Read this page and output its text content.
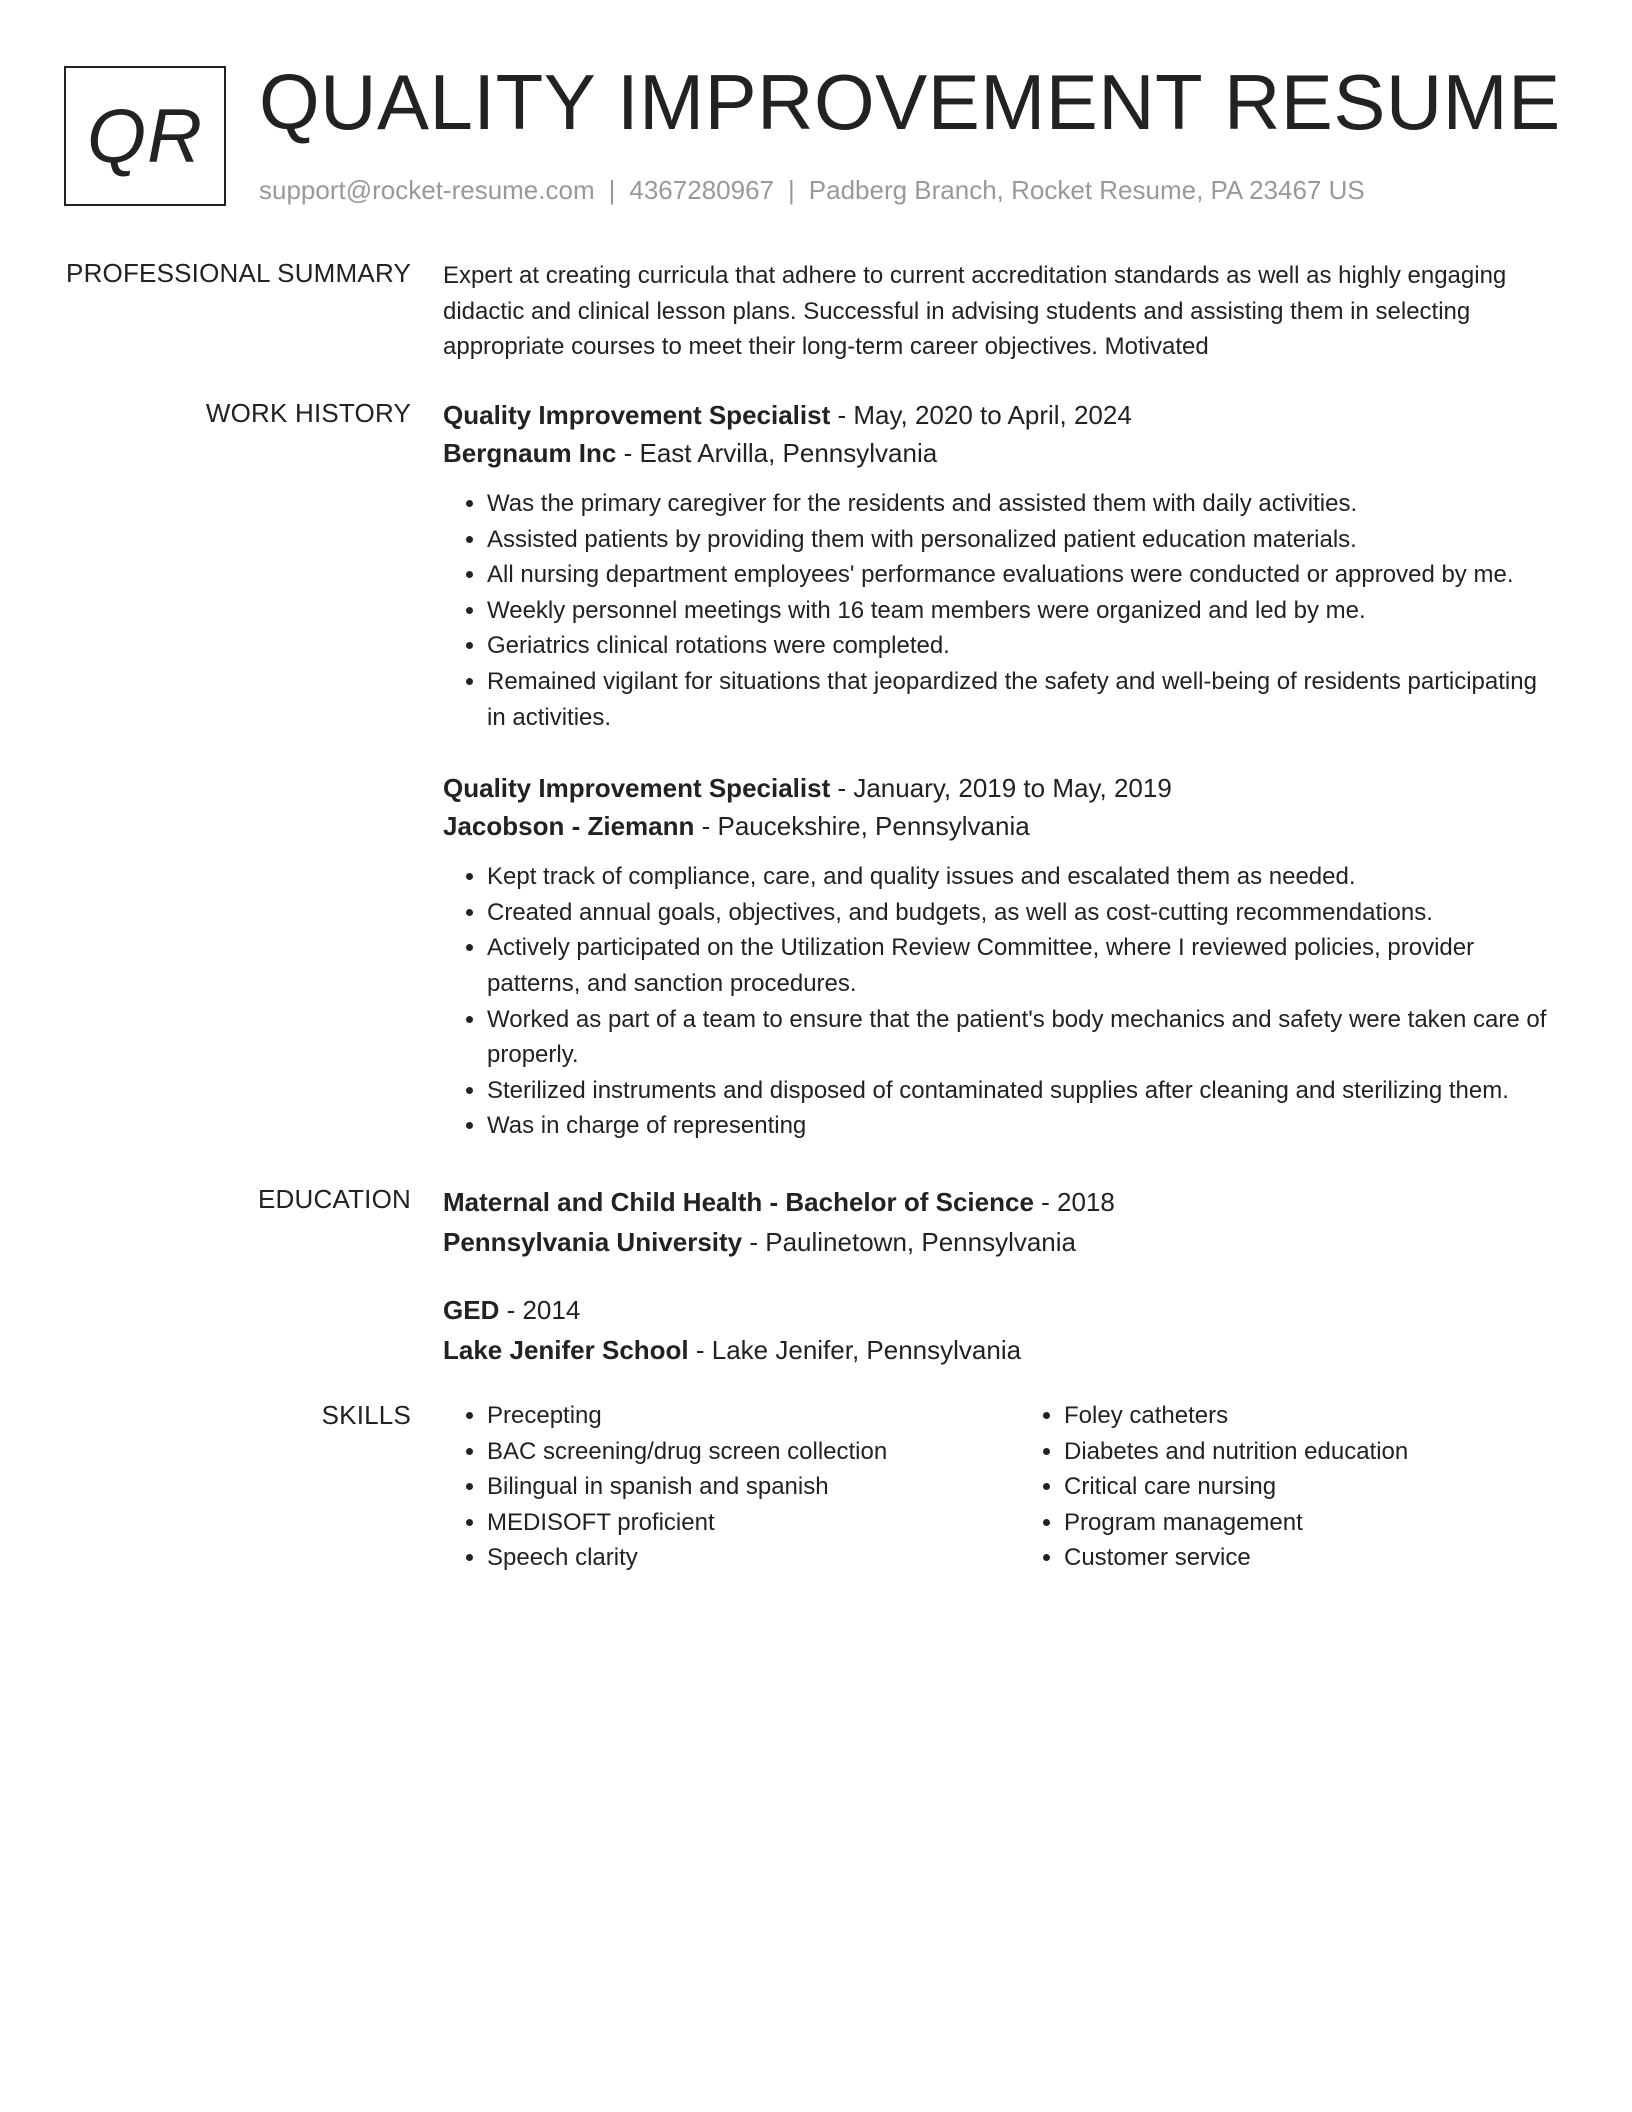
QR QUALITY IMPROVEMENT RESUME
support@rocket-resume.com | 4367280967 | Padberg Branch, Rocket Resume, PA 23467 US
PROFESSIONAL SUMMARY Expert at creating curricula that adhere to current accreditation standards as well as highly engaging didactic and clinical lesson plans. Successful in advising students and assisting them in selecting appropriate courses to meet their long-term career objectives. Motivated
WORK HISTORY Quality Improvement Specialist - May, 2020 to April, 2024
Bergnaum Inc - East Arvilla, Pennsylvania
• Was the primary caregiver for the residents and assisted them with daily activities.
• Assisted patients by providing them with personalized patient education materials.
• All nursing department employees' performance evaluations were conducted or approved by me.
• Weekly personnel meetings with 16 team members were organized and led by me.
• Geriatrics clinical rotations were completed.
• Remained vigilant for situations that jeopardized the safety and well-being of residents participating in activities.
Quality Improvement Specialist - January, 2019 to May, 2019
Jacobson - Ziemann - Paucekshire, Pennsylvania
• Kept track of compliance, care, and quality issues and escalated them as needed.
• Created annual goals, objectives, and budgets, as well as cost-cutting recommendations.
• Actively participated on the Utilization Review Committee, where I reviewed policies, provider patterns, and sanction procedures.
• Worked as part of a team to ensure that the patient's body mechanics and safety were taken care of properly.
• Sterilized instruments and disposed of contaminated supplies after cleaning and sterilizing them.
• Was in charge of representing
EDUCATION Maternal and Child Health - Bachelor of Science - 2018
Pennsylvania University - Paulinetown, Pennsylvania
GED - 2014
Lake Jenifer School - Lake Jenifer, Pennsylvania
SKILLS
•	Precepting
• BAC screening/drug screen collection
• Bilingual in spanish and spanish
• MEDISOFT proficient
• Speech clarity
• Foley catheters
• Diabetes and nutrition education
• Critical care nursing
• Program management
• Customer service
